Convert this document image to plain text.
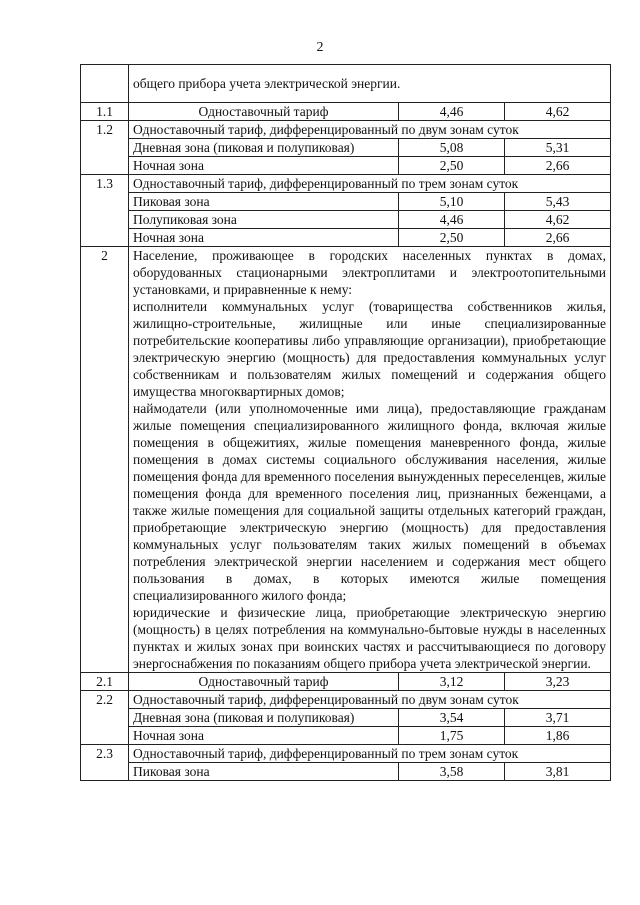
2
	общего прибора учета электрической энергии.		
1.1	Одноставочный тариф	4,46	4,62
1.2	Одноставочный тариф, дифференцированный по двум зонам суток		
	Дневная зона (пиковая и полупиковая)	5,08	5,31
	Ночная зона	2,50	2,66
1.3	Одноставочный тариф, дифференцированный по трем зонам суток		
	Пиковая зона	5,10	5,43
	Полупиковая зона	4,46	4,62
	Ночная зона	2,50	2,66
2	Население, проживающее в городских населенных пунктах в домах, оборудованных стационарными электроплитами и электроотопительными установками, и приравненные к нему:
исполнители коммунальных услуг (товарищества собственников жилья, жилищно-строительные, жилищные или иные специализированные потребительские кооперативы либо управляющие организации), приобретающие электрическую энергию (мощность) для предоставления коммунальных услуг собственникам и пользователям жилых помещений и содержания общего имущества многоквартирных домов;
наймодатели (или уполномоченные ими лица), предоставляющие гражданам жилые помещения специализированного жилищного фонда, включая жилые помещения в общежитиях, жилые помещения маневренного фонда, жилые помещения в домах системы социального обслуживания населения, жилые помещения фонда для временного поселения вынужденных переселенцев, жилые помещения фонда для временного поселения лиц, признанных беженцами, а также жилые помещения для социальной защиты отдельных категорий граждан, приобретающие электрическую энергию (мощность) для предоставления коммунальных услуг пользователям таких жилых помещений в объемах потребления электрической энергии населением и содержания мест общего пользования в домах, в которых имеются жилые помещения специализированного жилого фонда;
юридические и физические лица, приобретающие электрическую энергию (мощность) в целях потребления на коммунально-бытовые нужды в населенных пунктах и жилых зонах при воинских частях и рассчитывающиеся по договору энергоснабжения по показаниям общего прибора учета электрической энергии.		

2.1	Одноставочный тариф	3,12	3,23
2.2	Одноставочный тариф, дифференцированный по двум зонам суток		
	Дневная зона (пиковая и полупиковая)	3,54	3,71
	Ночная зона	1,75	1,86
2.3	Одноставочный тариф, дифференцированный по трем зонам суток		
	Пиковая зона	3,58	3,81
